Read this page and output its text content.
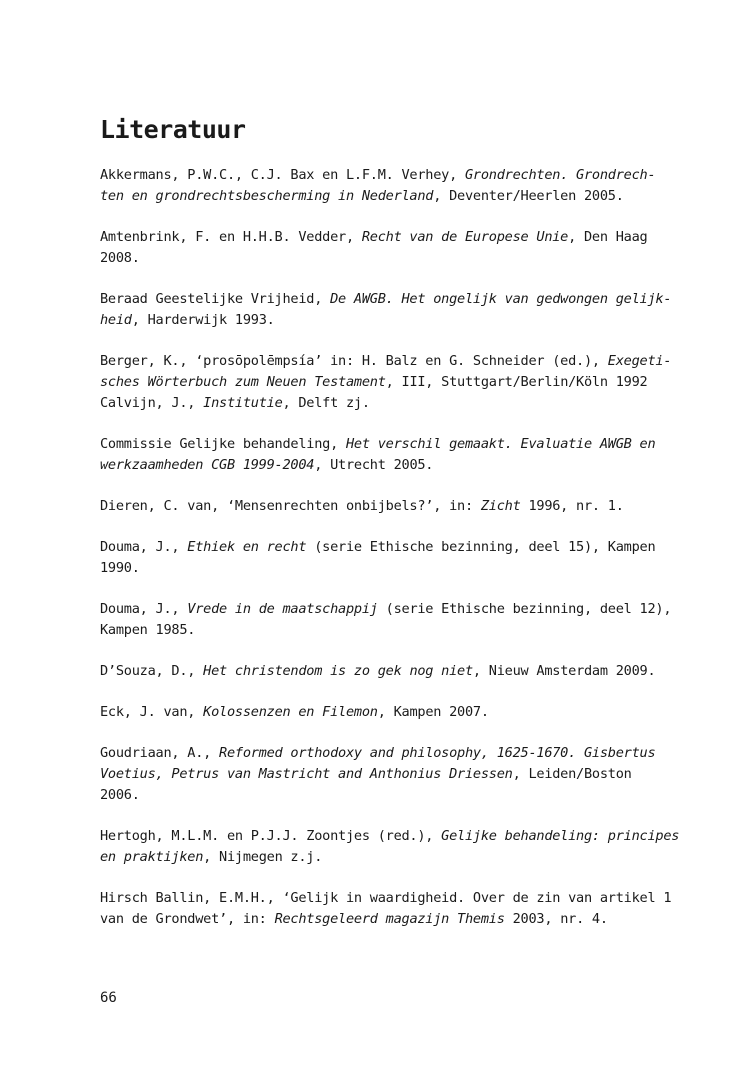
Literatuur

Akkermans, P.W.C., C.J. Bax en L.F.M. Verhey, Grondrechten. Grondrech-
ten en grondrechtsbescherming in Nederland, Deventer/Heerlen 2005.

Amtenbrink, F. en H.H.B. Vedder, Recht van de Europese Unie, Den Haag
2008.

Beraad Geestelijke Vrijheid, De AWGB. Het ongelijk van gedwongen gelijk-
heid, Harderwijk 1993.

Berger, K., ‘prosōpolēmpsía’ in: H. Balz en G. Schneider (ed.), Exegeti-
sches Wörterbuch zum Neuen Testament, III, Stuttgart/Berlin/Köln 1992

Calvijn, J., Institutie, Delft zj.

Commissie Gelijke behandeling, Het verschil gemaakt. Evaluatie AWGB en
werkzaamheden CGB 1999-2004, Utrecht 2005.

Dieren, C. van, ‘Mensenrechten onbijbels?’, in: Zicht 1996, nr. 1.

Douma, J., Ethiek en recht (serie Ethische bezinning, deel 15), Kampen
1990.

Douma, J., Vrede in de maatschappij (serie Ethische bezinning, deel 12),
Kampen 1985.

D’Souza, D., Het christendom is zo gek nog niet, Nieuw Amsterdam 2009.

Eck, J. van, Kolossenzen en Filemon, Kampen 2007.

Goudriaan, A., Reformed orthodoxy and philosophy, 1625-1670. Gisbertus
Voetius, Petrus van Mastricht and Anthonius Driessen, Leiden/Boston
2006.

Hertogh, M.L.M. en P.J.J. Zoontjes (red.), Gelijke behandeling: principes
en praktijken, Nijmegen z.j.

Hirsch Ballin, E.M.H., ‘Gelijk in waardigheid. Over de zin van artikel 1
van de Grondwet’, in: Rechtsgeleerd magazijn Themis 2003, nr. 4.

66
